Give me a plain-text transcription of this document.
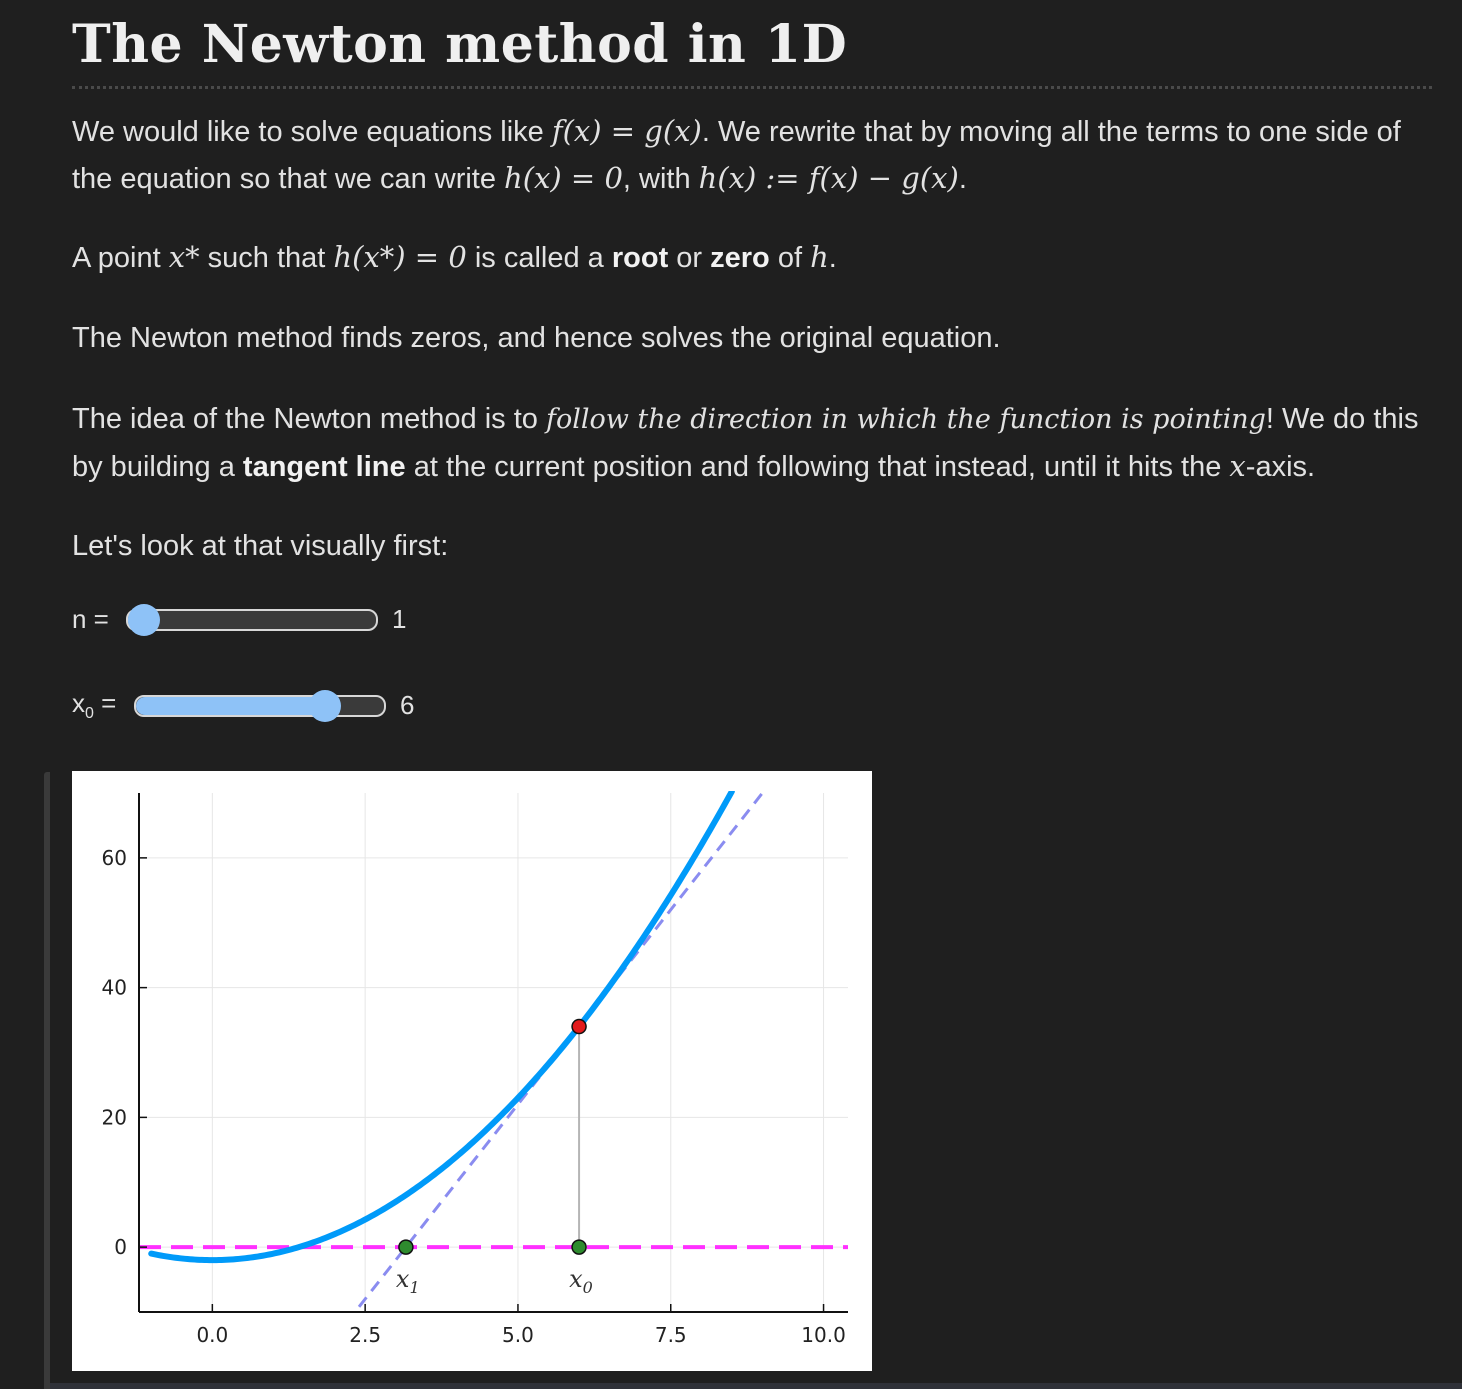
The Newton method in 1D

We would like to solve equations like f(x) = g(x). We rewrite that by moving all the terms to one side of the equation so that we can write h(x) = 0, with h(x) := f(x) − g(x).

A point x* such that h(x*) = 0 is called a root or zero of h.

The Newton method finds zeros, and hence solves the original equation.

The idea of the Newton method is to follow the direction in which the function is pointing! We do this by building a tangent line at the current position and following that instead, until it hits the x-axis.

Let's look at that visually first:

n =	1
$x_0$ =	6
$x_0$
$x_1$
0.0	2.5	5.0	7.5	10.0
0
20
40
60
